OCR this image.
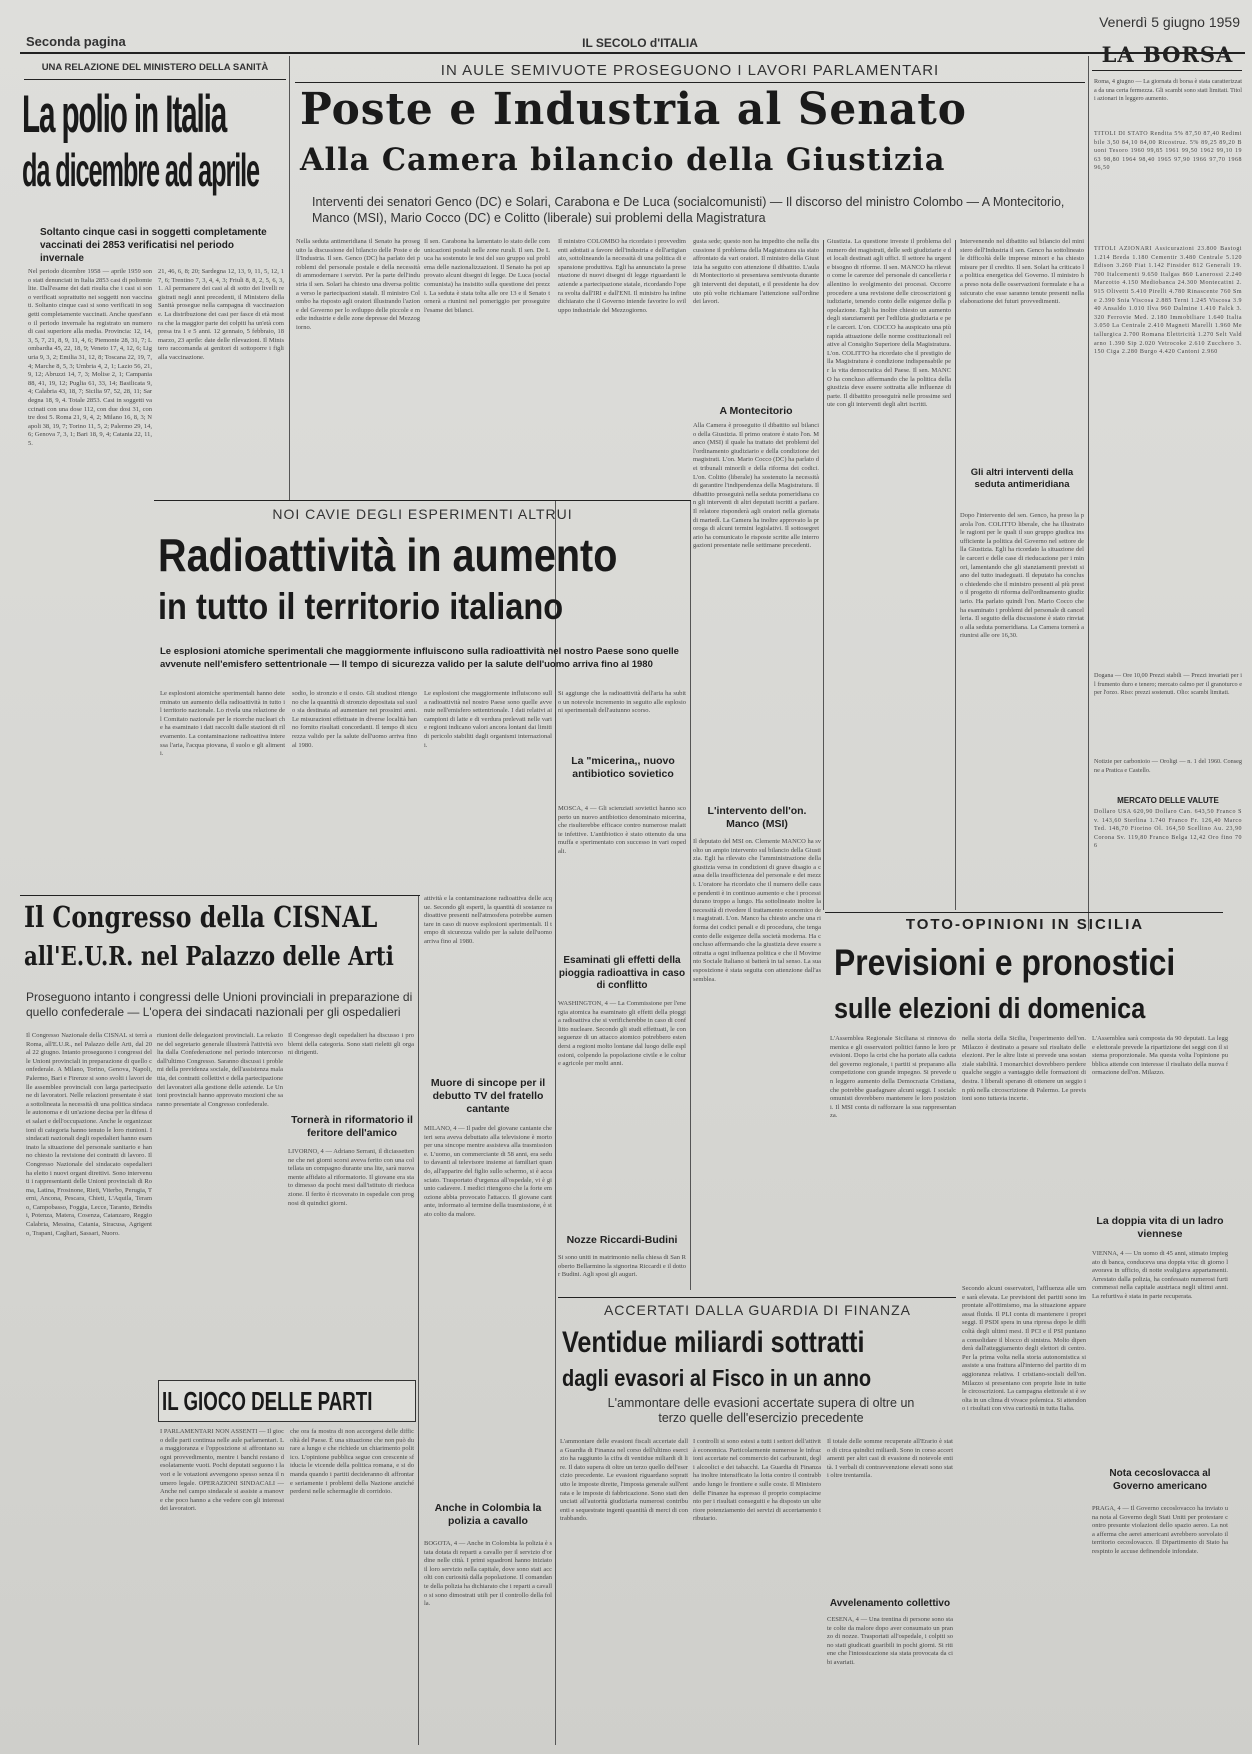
Seconda pagina	IL SECOLO d'ITALIA
Venerdì 5 giugno 1959
UNA RELAZIONE DEL MINISTERO DELLA SANITÀ
La polio in Italia
da dicembre ad aprile
Soltanto cinque casi in soggetti completamente vaccinati dei 2853 verificatisi nel periodo invernale
Nel periodo dicembre 1958 — aprile 1959 sono stati denunciati in Italia 2853 casi di poliomielite. Dall'esame dei dati risulta che i casi si sono verificati soprattutto nei soggetti non vaccinati. Soltanto cinque casi si sono verificati in soggetti completamente vaccinati. Anche quest'anno il periodo invernale ha registrato un numero di casi superiore alla media. Provincia: 12, 14, 3, 5, 7, 21, 8, 9, 11, 4, 6; Piemonte 28, 31, 7; Lombardia 45, 22, 18, 9; Veneto 17, 4, 12, 6; Liguria 9, 3, 2; Emilia 31, 12, 8; Toscana 22, 19, 7, 4; Marche 8, 5, 3; Umbria 4, 2, 1; Lazio 56, 21, 9, 12; Abruzzi 14, 7, 3; Molise 2, 1; Campania 88, 41, 19, 12; Puglia 61, 33, 14; Basilicata 9, 4; Calabria 43, 18, 7; Sicilia 97, 52, 28, 11; Sardegna 18, 9, 4. Totale 2853. Casi in soggetti vaccinati con una dose 112, con due dosi 31, con tre dosi 5. Roma 21, 9, 4, 2; Milano 16, 8, 3; Napoli 38, 19, 7; Torino 11, 5, 2; Palermo 29, 14, 6; Genova 7, 3, 1; Bari 18, 9, 4; Catania 22, 11, 5.
21, 46, 6, 8; 20; Sardegna 12, 13, 9, 11, 5, 12, 17, 6; Trentino 7, 3, 4, 4, 3; Friuli 8, 8, 2, 5, 6, 3, 1. Al permanere dei casi al di sotto dei livelli registrati negli anni precedenti, il Ministero della Sanità prosegue nella campagna di vaccinazione. La distribuzione dei casi per fasce di età mostra che la maggior parte dei colpiti ha un'età compresa tra 1 e 5 anni. 12 gennaio, 5 febbraio, 18 marzo, 23 aprile: date delle rilevazioni. Il Ministero raccomanda ai genitori di sottoporre i figli alla vaccinazione.
IN AULE SEMIVUOTE PROSEGUONO I LAVORI PARLAMENTARI
Poste e Industria al Senato
Alla Camera bilancio della Giustizia
Interventi dei senatori Genco (DC) e Solari, Carabona e De Luca (socialcomunisti) — Il discorso del ministro Colombo — A Montecitorio, Manco (MSI), Mario Cocco (DC) e Colitto (liberale) sui problemi della Magistratura
Nella seduta antimeridiana il Senato ha proseguito la discussione del bilancio delle Poste e dell'Industria. Il sen. Genco (DC) ha parlato dei problemi del personale postale e della necessità di ammodernare i servizi. Per la parte dell'industria il sen. Solari ha chiesto una diversa politica verso le partecipazioni statali. Il ministro Colombo ha risposto agli oratori illustrando l'azione del Governo per lo sviluppo delle piccole e medie industrie e delle zone depresse del Mezzogiorno.
Il sen. Carabona ha lamentato lo stato delle comunicazioni postali nelle zone rurali. Il sen. De Luca ha sostenuto le tesi del suo gruppo sul problema delle nazionalizzazioni. Il Senato ha poi approvato alcuni disegni di legge. De Luca (socialcomunista) ha insistito sulla questione dei prezzi. La seduta è stata tolta alle ore 13 e il Senato tornerà a riunirsi nel pomeriggio per proseguire l'esame dei bilanci.
Il ministro COLOMBO ha ricordato i provvedimenti adottati a favore dell'industria e dell'artigianato, sottolineando la necessità di una politica di espansione produttiva. Egli ha annunciato la presentazione di nuovi disegni di legge riguardanti le aziende a partecipazione statale, ricordando l'opera svolta dall'IRI e dall'ENI. Il ministro ha infine dichiarato che il Governo intende favorire lo sviluppo industriale del Mezzogiorno.
gusta sede; questo non ha impedito che nella discussione il problema della Magistratura sia stato affrontato da vari oratori. Il ministro della Giustizia ha seguito con attenzione il dibattito. L'aula di Montecitorio si presentava semivuota durante gli interventi dei deputati, e il presidente ha dovuto più volte richiamare l'attenzione sull'ordine dei lavori.
A Montecitorio
Alla Camera è proseguito il dibattito sul bilancio della Giustizia. Il primo oratore è stato l'on. Manco (MSI) il quale ha trattato dei problemi dell'ordinamento giudiziario e della condizione dei magistrati. L'on. Mario Cocco (DC) ha parlato dei tribunali minorili e della riforma dei codici. L'on. Colitto (liberale) ha sostenuto la necessità di garantire l'indipendenza della Magistratura. Il dibattito proseguirà nella seduta pomeridiana con gli interventi di altri deputati iscritti a parlare. Il relatore risponderà agli oratori nella giornata di martedì. La Camera ha inoltre approvato la proroga di alcuni termini legislativi. Il sottosegretario ha comunicato le risposte scritte alle interrogazioni presentate nelle settimane precedenti.
Giustizia. La questione investe il problema del numero dei magistrati, delle sedi giudiziarie e dei locali destinati agli uffici. Il settore ha urgente bisogno di riforme. Il sen. MANCO ha rilevato come le carenze del personale di cancelleria rallentino lo svolgimento dei processi. Occorre procedere a una revisione delle circoscrizioni giudiziarie, tenendo conto delle esigenze della popolazione. Egli ha inoltre chiesto un aumento degli stanziamenti per l'edilizia giudiziaria e per le carceri. L'on. COCCO ha auspicato una più rapida attuazione delle norme costituzionali relative al Consiglio Superiore della Magistratura. L'on. COLITTO ha ricordato che il prestigio della Magistratura è condizione indispensabile per la vita democratica del Paese. Il sen. MANCO ha concluso affermando che la politica della giustizia deve essere sottratta alle influenze di parte. Il dibattito proseguirà nelle prossime sedute con gli interventi degli altri iscritti.
Intervenendo nel dibattito sul bilancio del ministero dell'Industria il sen. Genco ha sottolineato le difficoltà delle imprese minori e ha chiesto misure per il credito. Il sen. Solari ha criticato la politica energetica del Governo. Il ministro ha preso nota delle osservazioni formulate e ha assicurato che esse saranno tenute presenti nella elaborazione dei futuri provvedimenti.
Gli altri interventi della seduta antimeridiana
Dopo l'intervento del sen. Genco, ha preso la parola l'on. COLITTO liberale, che ha illustrato le ragioni per le quali il suo gruppo giudica insufficiente la politica del Governo nel settore della Giustizia. Egli ha ricordato la situazione delle carceri e delle case di rieducazione per i minori, lamentando che gli stanziamenti previsti siano del tutto inadeguati. Il deputato ha concluso chiedendo che il ministro presenti al più presto il progetto di riforma dell'ordinamento giudiziario. Ha parlato quindi l'on. Mario Cocco che ha esaminato i problemi del personale di cancelleria. Il seguito della discussione è stato rinviato alla seduta pomeridiana. La Camera tornerà a riunirsi alle ore 16,30.
LA BORSA
Roma, 4 giugno — La giornata di borsa è stata caratterizzata da una certa fermezza. Gli scambi sono stati limitati. Titoli azionari in leggero aumento.
TITOLI DI STATO Rendita 5% 87,50 87,40 Redimibile 3,50 84,10 84,00 Ricostruz. 5% 89,25 89,20 Buoni Tesoro 1960 99,85 1961 99,50 1962 99,10 1963 98,80 1964 98,40 1965 97,90 1966 97,70 1968 96,50
TITOLI AZIONARI Assicurazioni 23.800 Bastogi 1.214 Breda 1.180 Cementir 3.480 Centrale 5.120 Edison 3.260 Fiat 1.142 Finsider 812 Generali 19.700 Italcementi 9.650 Italgas 860 Lanerossi 2.240 Marzotto 4.150 Mediobanca 24.300 Montecatini 2.915 Olivetti 5.410 Pirelli 4.780 Rinascente 760 Sme 2.390 Snia Viscosa 2.885 Terni 1.245 Viscosa 3.940 Ansaldo 1.010 Ilva 960 Dalmine 1.410 Falck 3.320 Ferrovie Med. 2.180 Immobiliare 1.640 Italia 3.050 La Centrale 2.410 Magneti Marelli 1.960 Metallurgica 2.700 Romana Elettricità 1.270 Selt Valdarno 1.390 Sip 2.020 Vetrocoke 2.610 Zucchero 3.150 Ciga 2.280 Burgo 4.420 Cantoni 2.960
Dogana — Ore 10,00 Prezzi stabili — Prezzi invariati per il frumento duro e tenero; mercato calmo per il granoturco e per l'orzo. Riso: prezzi sostenuti. Olio: scambi limitati.
Notizie per carbonioio — Oroligi — n. 1 del 1960. Consegne a Pratica e Castello.
MERCATO DELLE VALUTE
Dollaro USA 620,90 Dollaro Can. 643,50 Franco Sv. 143,60 Sterlina 1.740 Franco Fr. 126,40 Marco Ted. 148,70 Fiorino Ol. 164,50 Scellino Au. 23,90 Corona Sv. 119,80 Franco Belga 12,42 Oro fino 706
NOI CAVIE DEGLI ESPERIMENTI ALTRUI
Radioattività in aumento
in tutto il territorio italiano
Le esplosioni atomiche sperimentali che maggiormente influiscono sulla radioattività nel nostro Paese sono quelle avvenute nell'emisfero settentrionale — Il tempo di sicurezza valido per la salute dell'uomo arriva fino al 1980
Le esplosioni atomiche sperimentali hanno determinato un aumento della radioattività in tutto il territorio nazionale. Lo rivela una relazione del Comitato nazionale per le ricerche nucleari che ha esaminato i dati raccolti dalle stazioni di rilevamento. La contaminazione radioattiva interessa l'aria, l'acqua piovana, il suolo e gli alimenti.
sodio, lo stronzio e il cesio. Gli studiosi ritengono che la quantità di stronzio depositata sul suolo sia destinata ad aumentare nei prossimi anni. Le misurazioni effettuate in diverse località hanno fornito risultati concordanti. Il tempo di sicurezza valido per la salute dell'uomo arriva fino al 1980.
Le esplosioni che maggiormente influiscono sulla radioattività nel nostro Paese sono quelle avvenute nell'emisfero settentrionale. I dati relativi ai campioni di latte e di verdura prelevati nelle varie regioni indicano valori ancora lontani dai limiti di pericolo stabiliti dagli organismi internazionali.
Si aggiunge che la radioattività dell'aria ha subito un notevole incremento in seguito alle esplosioni sperimentali dell'autunno scorso.
La "micerina,, nuovo antibiotico sovietico
MOSCA, 4 — Gli scienziati sovietici hanno scoperto un nuovo antibiotico denominato micerina, che risulterebbe efficace contro numerose malattie infettive. L'antibiotico è stato ottenuto da una muffa e sperimentato con successo in vari ospedali.
L'intervento dell'on. Manco (MSI)
Il deputato del MSI on. Clemente MANCO ha svolto un ampio intervento sul bilancio della Giustizia. Egli ha rilevato che l'amministrazione della giustizia versa in condizioni di grave disagio a causa della insufficienza del personale e dei mezzi. L'oratore ha ricordato che il numero delle cause pendenti è in continuo aumento e che i processi durano troppo a lungo. Ha sottolineato inoltre la necessità di rivedere il trattamento economico dei magistrati. L'on. Manco ha chiesto anche una riforma dei codici penali e di procedura, che tenga conto delle esigenze della società moderna. Ha concluso affermando che la giustizia deve essere sottratta a ogni influenza politica e che il Movimento Sociale Italiano si batterà in tal senso. La sua esposizione è stata seguita con attenzione dall'assemblea.
Il Congresso della CISNAL
all'E.U.R. nel Palazzo delle Arti
Proseguono intanto i congressi delle Unioni provinciali in preparazione di quello confederale — L'opera dei sindacati nazionali per gli ospedalieri
Il Congresso Nazionale della CISNAL si terrà a Roma, all'E.U.R., nel Palazzo delle Arti, dal 20 al 22 giugno. Intanto proseguono i congressi delle Unioni provinciali in preparazione di quello confederale. A Milano, Torino, Genova, Napoli, Palermo, Bari e Firenze si sono svolti i lavori delle assemblee provinciali con larga partecipazione di lavoratori. Nelle relazioni presentate è stata sottolineata la necessità di una politica sindacale autonoma e di un'azione decisa per la difesa dei salari e dell'occupazione. Anche le organizzazioni di categoria hanno tenuto le loro riunioni. I sindacati nazionali degli ospedalieri hanno esaminato la situazione del personale sanitario e hanno chiesto la revisione dei contratti di lavoro. Il Congresso Nazionale del sindacato ospedalieri ha eletto i nuovi organi direttivi. Sono intervenuti i rappresentanti delle Unioni provinciali di Roma, Latina, Frosinone, Rieti, Viterbo, Perugia, Terni, Ancona, Pescara, Chieti, L'Aquila, Teramo, Campobasso, Foggia, Lecce, Taranto, Brindisi, Potenza, Matera, Cosenza, Catanzaro, Reggio Calabria, Messina, Catania, Siracusa, Agrigento, Trapani, Cagliari, Sassari, Nuoro.
riunioni delle delegazioni provinciali. La relazione del segretario generale illustrerà l'attività svolta dalla Confederazione nel periodo intercorso dall'ultimo Congresso. Saranno discussi i problemi della previdenza sociale, dell'assistenza malattia, dei contratti collettivi e della partecipazione dei lavoratori alla gestione delle aziende. Le Unioni provinciali hanno approvato mozioni che saranno presentate al Congresso confederale.
Il Congresso degli ospedalieri ha discusso i problemi della categoria. Sono stati rieletti gli organi dirigenti.
Tornerà in riformatorio il feritore dell'amico
LIVORNO, 4 — Adriano Serrani, il diciassettenne che nei giorni scorsi aveva ferito con una coltellata un compagno durante una lite, sarà nuovamente affidato al riformatorio. Il giovane era stato dimesso da pochi mesi dall'istituto di rieducazione. Il ferito è ricoverato in ospedale con prognosi di quindici giorni.
IL GIOCO DELLE PARTI
I PARLAMENTARI NON ASSENTI — Il gioco delle parti continua nelle aule parlamentari. La maggioranza e l'opposizione si affrontano su ogni provvedimento, mentre i banchi restano desolatamente vuoti. Pochi deputati seguono i lavori e le votazioni avvengono spesso senza il numero legale. OPERAZIONI SINDACALI — Anche nel campo sindacale si assiste a manovre che poco hanno a che vedere con gli interessi dei lavoratori.
che ora fa mostra di non accorgersi delle difficoltà del Paese. È una situazione che non può durare a lungo e che richiede un chiarimento politico. L'opinione pubblica segue con crescente sfiducia le vicende della politica romana, e si domanda quando i partiti decideranno di affrontare seriamente i problemi della Nazione anziché perdersi nelle schermaglie di corridoio.
attività e la contaminazione radioattiva delle acque. Secondo gli esperti, la quantità di sostanze radioattive presenti nell'atmosfera potrebbe aumentare in caso di nuove esplosioni sperimentali. Il tempo di sicurezza valido per la salute dell'uomo arriva fino al 1980.
Muore di sincope per il debutto TV del fratello cantante
MILANO, 4 — Il padre del giovane cantante che ieri sera aveva debuttato alla televisione è morto per una sincope mentre assisteva alla trasmissione. L'uomo, un commerciante di 58 anni, era seduto davanti al televisore insieme ai familiari quando, all'apparire del figlio sullo schermo, si è accasciato. Trasportato d'urgenza all'ospedale, vi è giunto cadavere. I medici ritengono che la forte emozione abbia provocato l'attacco. Il giovane cantante, informato al termine della trasmissione, è stato colto da malore.
Anche in Colombia la polizia a cavallo
BOGOTA, 4 — Anche in Colombia la polizia è stata dotata di reparti a cavallo per il servizio d'ordine nelle città. I primi squadroni hanno iniziato il loro servizio nella capitale, dove sono stati accolti con curiosità dalla popolazione. Il comandante della polizia ha dichiarato che i reparti a cavallo si sono dimostrati utili per il controllo della folla.
Esaminati gli effetti della pioggia radioattiva in caso di conflitto
WASHINGTON, 4 — La Commissione per l'energia atomica ha esaminato gli effetti della pioggia radioattiva che si verificherebbe in caso di conflitto nucleare. Secondo gli studi effettuati, le conseguenze di un attacco atomico potrebbero estendersi a regioni molto lontane dal luogo delle esplosioni, colpendo la popolazione civile e le colture agricole per molti anni.
Nozze Riccardi-Budini
Si sono uniti in matrimonio nella chiesa di San Roberto Bellarmino la signorina Riccardi e il dottor Budini. Agli sposi gli auguri.
TOTO-OPINIONI IN SICILIA
Previsioni e pronostici
sulle elezioni di domenica
L'Assemblea Regionale Siciliana si rinnova domenica e gli osservatori politici fanno le loro previsioni. Dopo la crisi che ha portato alla caduta del governo regionale, i partiti si preparano alla competizione con grande impegno. Si prevede un leggero aumento della Democrazia Cristiana, che potrebbe guadagnare alcuni seggi. I socialcomunisti dovrebbero mantenere le loro posizioni. Il MSI conta di rafforzare la sua rappresentanza.
nella storia della Sicilia, l'esperimento dell'on. Milazzo è destinato a pesare sul risultato delle elezioni. Per le altre liste si prevede una sostanziale stabilità. I monarchici dovrebbero perdere qualche seggio a vantaggio delle formazioni di destra. I liberali sperano di ottenere un seggio in più nella circoscrizione di Palermo. Le previsioni sono tuttavia incerte.
L'Assemblea sarà composta da 90 deputati. La legge elettorale prevede la ripartizione dei seggi con il sistema proporzionale. Ma questa volta l'opinione pubblica attende con interesse il risultato della nuova formazione dell'on. Milazzo.
La doppia vita di un ladro viennese
VIENNA, 4 — Un uomo di 45 anni, stimato impiegato di banca, conduceva una doppia vita: di giorno lavorava in ufficio, di notte svaligiava appartamenti. Arrestato dalla polizia, ha confessato numerosi furti commessi nella capitale austriaca negli ultimi anni. La refurtiva è stata in parte recuperata.
Nota cecoslovacca al Governo americano
PRAGA, 4 — Il Governo cecoslovacco ha inviato una nota al Governo degli Stati Uniti per protestare contro presunte violazioni dello spazio aereo. La nota afferma che aerei americani avrebbero sorvolato il territorio cecoslovacco. Il Dipartimento di Stato ha respinto le accuse definendole infondate.
ACCERTATI DALLA GUARDIA DI FINANZA
Ventidue miliardi sottratti
dagli evasori al Fisco in un anno
L'ammontare delle evasioni accertate supera di oltre un terzo quelle dell'esercizio precedente
L'ammontare delle evasioni fiscali accertate dalla Guardia di Finanza nel corso dell'ultimo esercizio ha raggiunto la cifra di ventidue miliardi di lire. Il dato supera di oltre un terzo quello dell'esercizio precedente. Le evasioni riguardano soprattutto le imposte dirette, l'imposta generale sull'entrata e le imposte di fabbricazione. Sono stati denunciati all'autorità giudiziaria numerosi contribuenti e sequestrate ingenti quantità di merci di contrabbando.
I controlli si sono estesi a tutti i settori dell'attività economica. Particolarmente numerose le infrazioni accertate nel commercio dei carburanti, degli alcoolici e dei tabacchi. La Guardia di Finanza ha inoltre intensificato la lotta contro il contrabbando lungo le frontiere e sulle coste. Il Ministero delle Finanze ha espresso il proprio compiacimento per i risultati conseguiti e ha disposto un ulteriore potenziamento dei servizi di accertamento tributario.
Il totale delle somme recuperate all'Erario è stato di circa quindici miliardi. Sono in corso accertamenti per altri casi di evasione di notevole entità. I verbali di contravvenzione elevati sono stati oltre trentamila.
Avvelenamento collettivo
CESENA, 4 — Una trentina di persone sono state colte da malore dopo aver consumato un pranzo di nozze. Trasportati all'ospedale, i colpiti sono stati giudicati guaribili in pochi giorni. Si ritiene che l'intossicazione sia stata provocata da cibi avariati.
Secondo alcuni osservatori, l'affluenza alle urne sarà elevata. Le previsioni dei partiti sono improntate all'ottimismo, ma la situazione appare assai fluida. Il PLI conta di mantenere i propri seggi. Il PSDI spera in una ripresa dopo le difficoltà degli ultimi mesi. Il PCI e il PSI puntano a consolidare il blocco di sinistra. Molto dipenderà dall'atteggiamento degli elettori di centro. Per la prima volta nella storia autonomistica si assiste a una frattura all'interno del partito di maggioranza relativa. I cristiano-sociali dell'on. Milazzo si presentano con proprie liste in tutte le circoscrizioni. La campagna elettorale si è svolta in un clima di vivace polemica. Si attendono i risultati con viva curiosità in tutta Italia.
